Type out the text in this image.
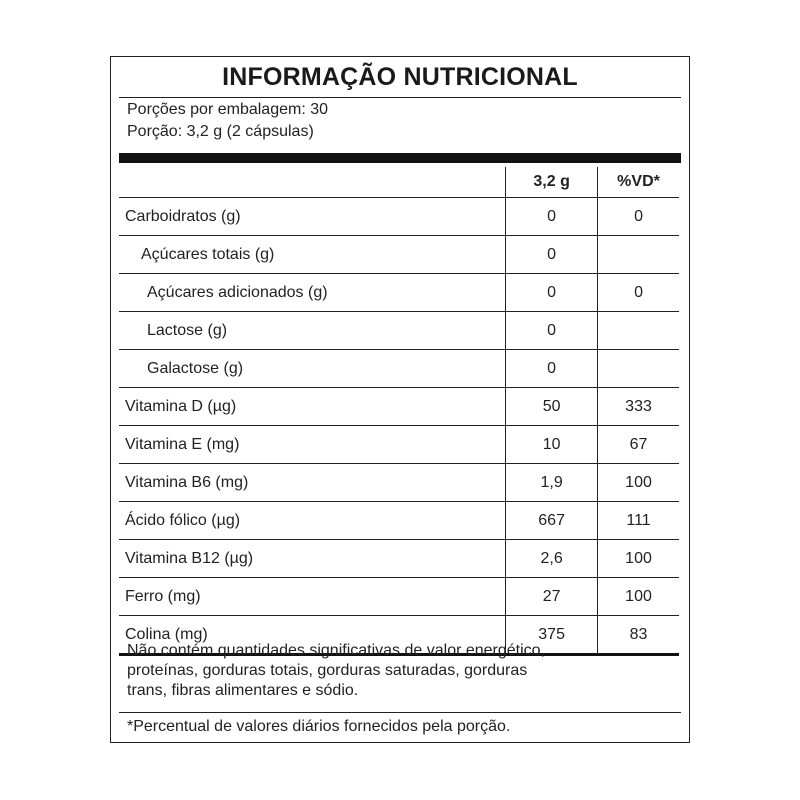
INFORMAÇÃO NUTRICIONAL
Porções por embalagem: 30
Porção: 3,2 g (2 cápsulas)
	3,2 g	%VD*
Carboidratos (g)	0	0
Açúcares totais (g)	0	
Açúcares adicionados (g)	0	0
Lactose (g)	0	
Galactose (g)	0	
Vitamina D (µg)	50	333
Vitamina E (mg)	10	67
Vitamina B6 (mg)	1,9	100
Ácido fólico (µg)	667	111
Vitamina B12 (µg)	2,6	100
Ferro (mg)	27	100
Colina (mg)	375	83
Não contém quantidades significativas de valor energético,
proteínas, gorduras totais, gorduras saturadas, gorduras
trans, fibras alimentares e sódio.
*Percentual de valores diários fornecidos pela porção.
